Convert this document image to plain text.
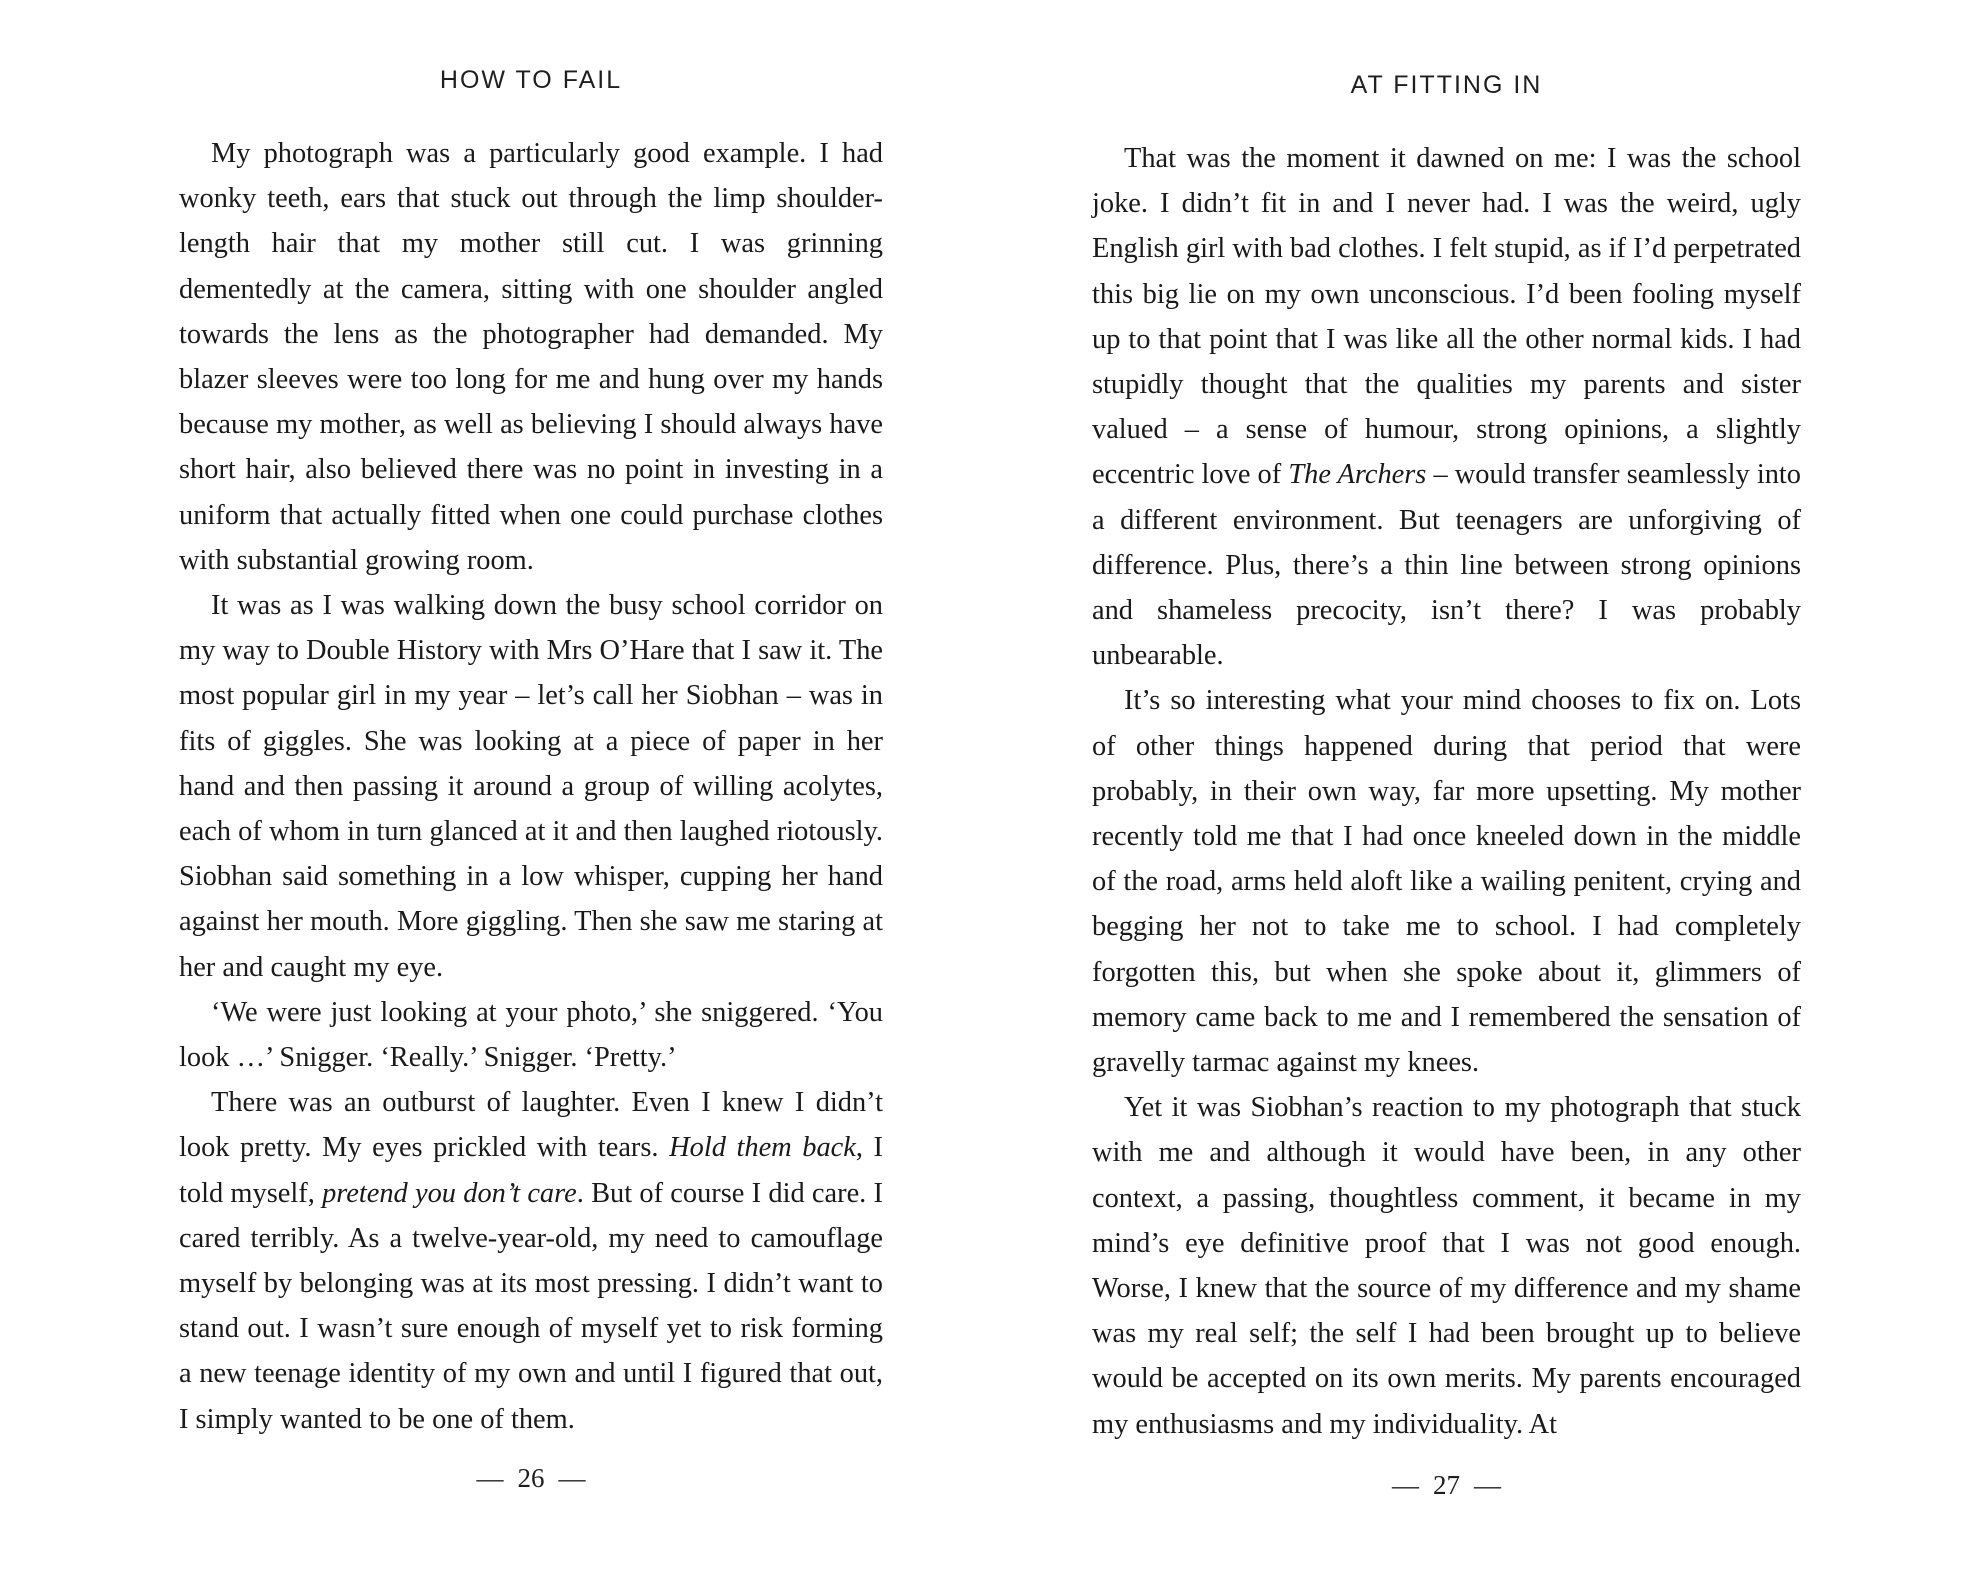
HOW TO FAIL

My photograph was a particularly good example. I had wonky teeth, ears that stuck out through the limp shoulder-length hair that my mother still cut. I was grinning dementedly at the camera, sitting with one shoulder angled towards the lens as the photographer had demanded. My blazer sleeves were too long for me and hung over my hands because my mother, as well as believing I should always have short hair, also believed there was no point in investing in a uniform that actually fitted when one could purchase clothes with substantial growing room.

It was as I was walking down the busy school corridor on my way to Double History with Mrs O’Hare that I saw it. The most popular girl in my year – let’s call her Siobhan – was in fits of giggles. She was looking at a piece of paper in her hand and then passing it around a group of willing acolytes, each of whom in turn glanced at it and then laughed riotously. Siobhan said something in a low whisper, cupping her hand against her mouth. More giggling. Then she saw me staring at her and caught my eye.

‘We were just looking at your photo,’ she sniggered. ‘You look …’ Snigger. ‘Really.’ Snigger. ‘Pretty.’

There was an outburst of laughter. Even I knew I didn’t look pretty. My eyes prickled with tears. Hold them back, I told myself, pretend you don’t care. But of course I did care. I cared terribly. As a twelve-year-old, my need to camouflage myself by belonging was at its most pressing. I didn’t want to stand out. I wasn’t sure enough of myself yet to risk forming a new teenage identity of my own and until I figured that out, I simply wanted to be one of them.

— 26 —
AT FITTING IN

That was the moment it dawned on me: I was the school joke. I didn’t fit in and I never had. I was the weird, ugly English girl with bad clothes. I felt stupid, as if I’d perpetrated this big lie on my own unconscious. I’d been fooling myself up to that point that I was like all the other normal kids. I had stupidly thought that the qualities my parents and sister valued – a sense of humour, strong opinions, a slightly eccentric love of The Archers – would transfer seamlessly into a different environment. But teenagers are unforgiving of difference. Plus, there’s a thin line between strong opinions and shameless precocity, isn’t there? I was probably unbearable.

It’s so interesting what your mind chooses to fix on. Lots of other things happened during that period that were probably, in their own way, far more upsetting. My mother recently told me that I had once kneeled down in the middle of the road, arms held aloft like a wailing penitent, crying and begging her not to take me to school. I had completely forgotten this, but when she spoke about it, glimmers of memory came back to me and I remembered the sensation of gravelly tarmac against my knees.

Yet it was Siobhan’s reaction to my photograph that stuck with me and although it would have been, in any other context, a passing, thoughtless comment, it became in my mind’s eye definitive proof that I was not good enough. Worse, I knew that the source of my difference and my shame was my real self; the self I had been brought up to believe would be accepted on its own merits. My parents encouraged my enthusiasms and my individuality. At

— 27 —
